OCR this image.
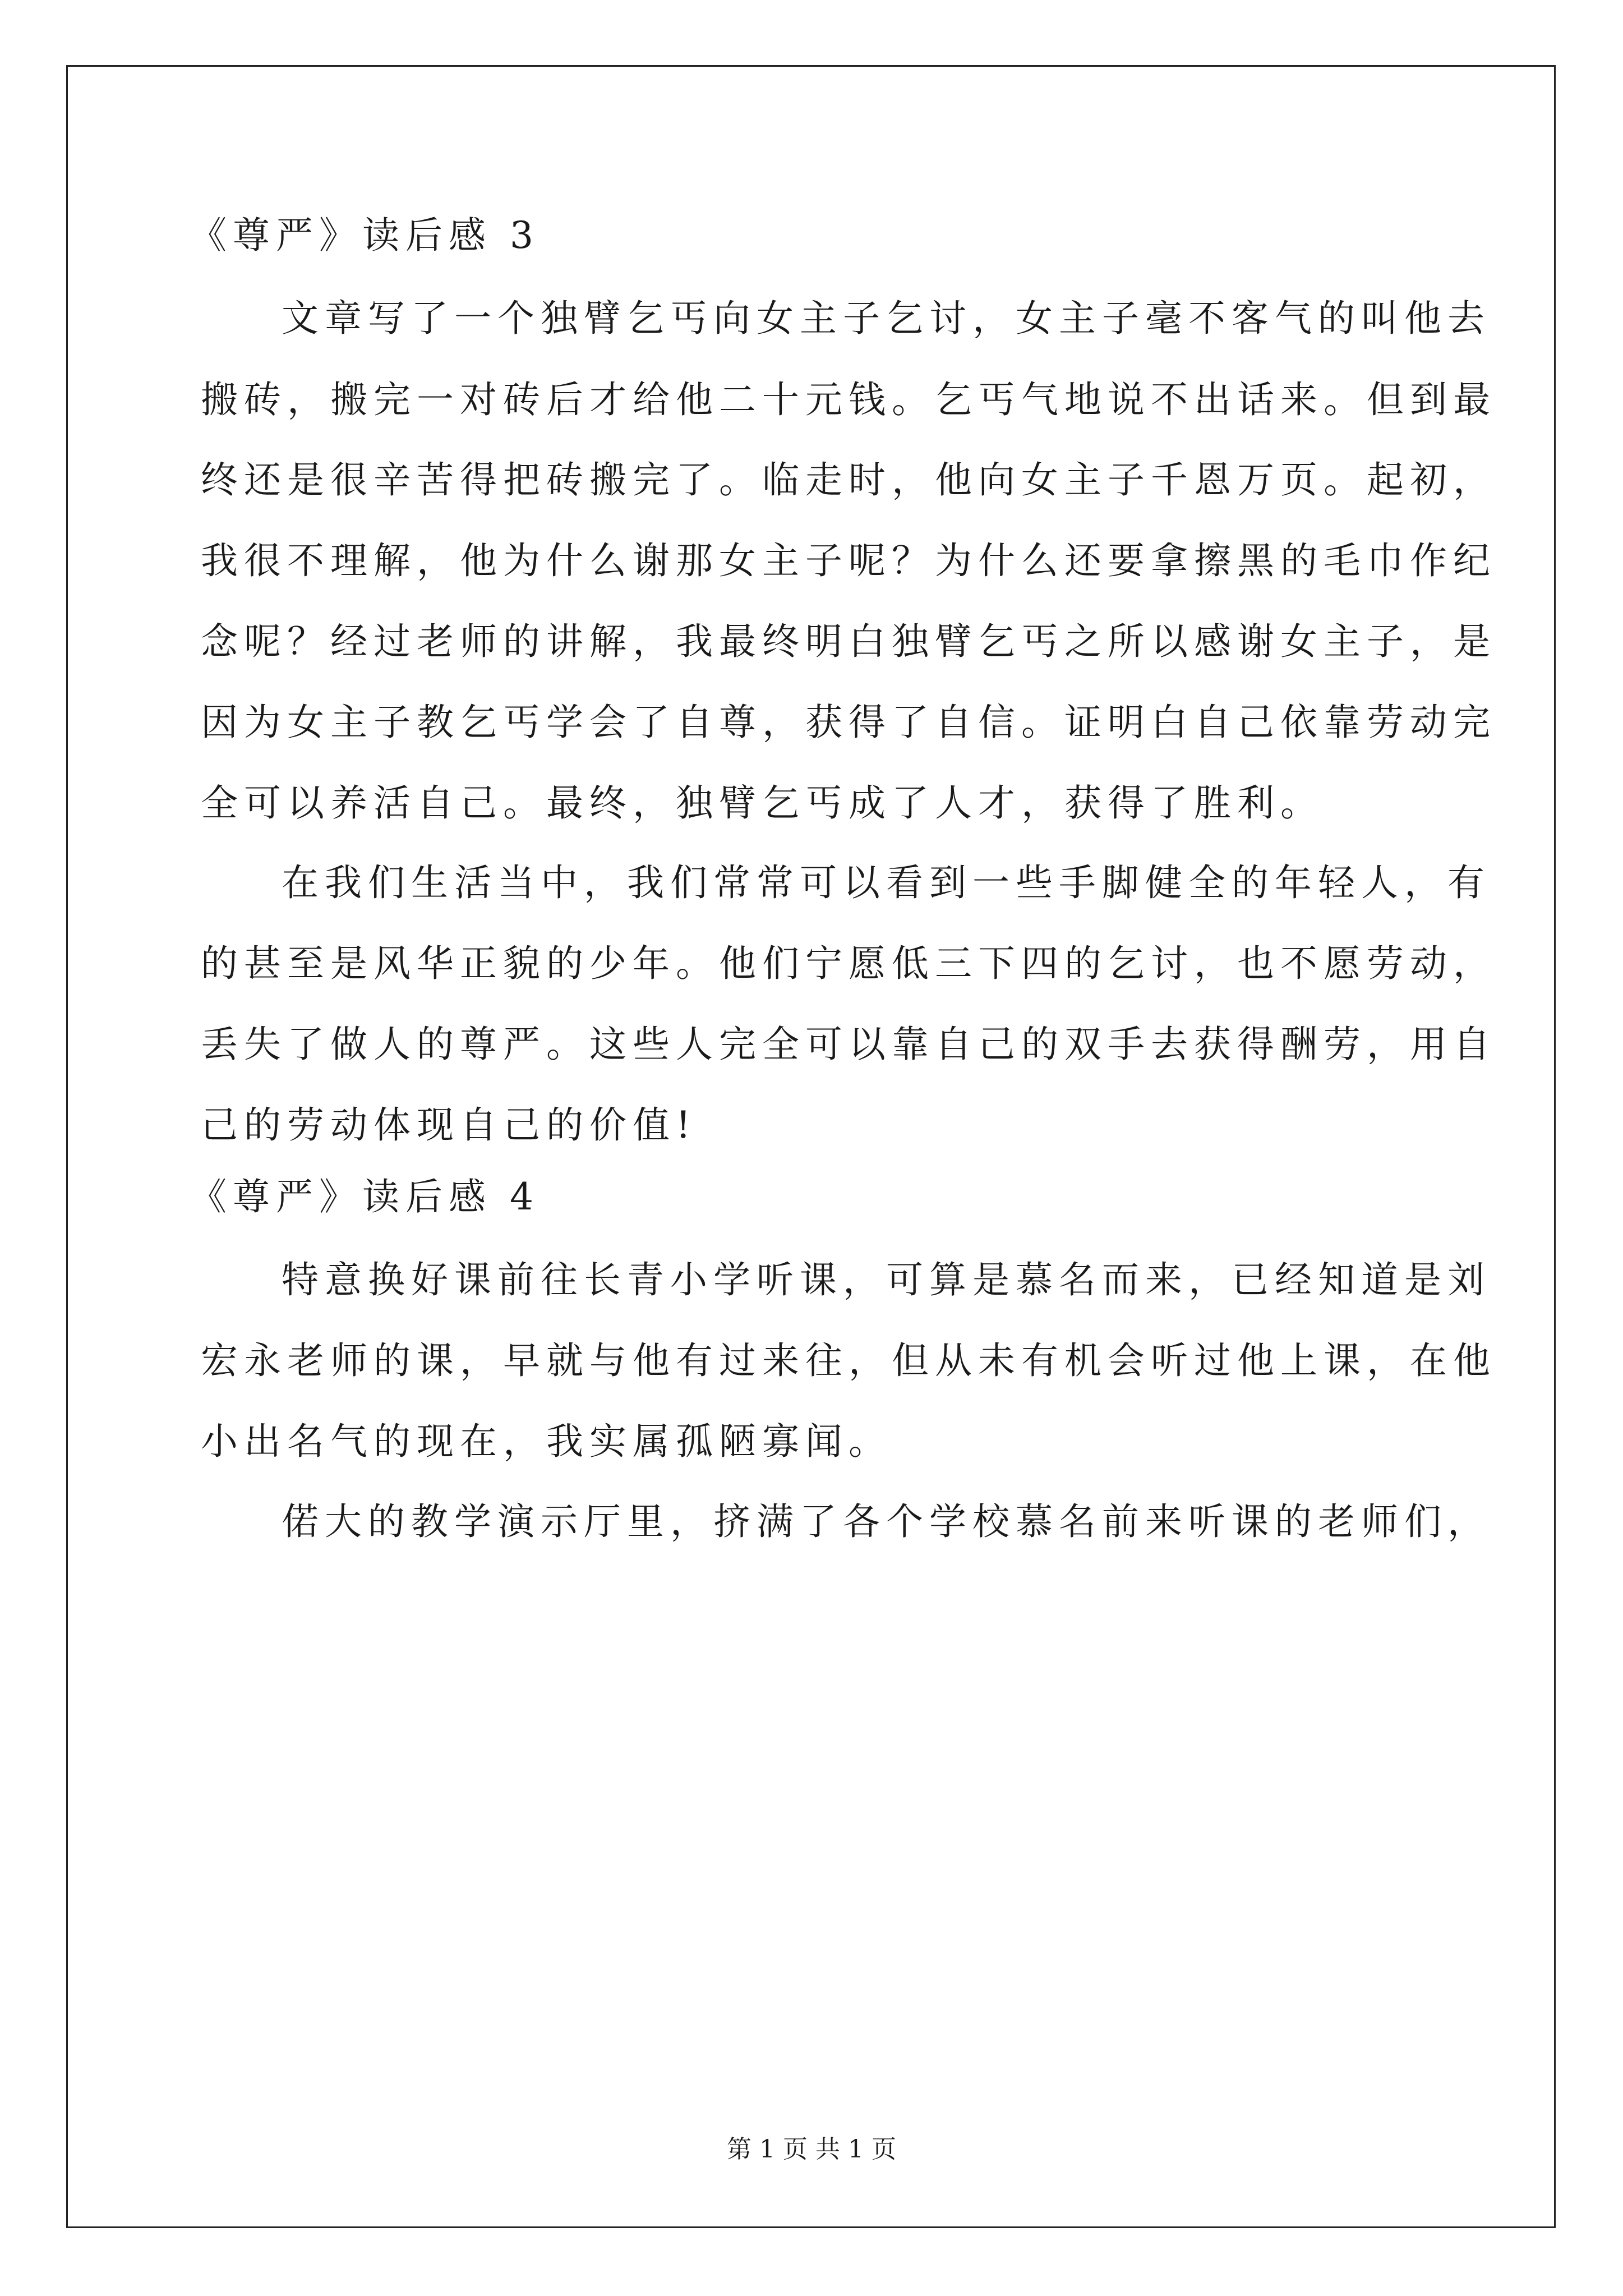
《尊严》读后感 3

文章写了一个独臂乞丐向女主子乞讨，女主子毫不客气的叫他去

搬砖，搬完一对砖后才给他二十元钱。乞丐气地说不出话来。但到最

终还是很辛苦得把砖搬完了。临走时，他向女主子千恩万页。起初，

我很不理解，他为什么谢那女主子呢？为什么还要拿擦黑的毛巾作纪

念呢？经过老师的讲解，我最终明白独臂乞丐之所以感谢女主子，是

因为女主子教乞丐学会了自尊，获得了自信。证明白自己依靠劳动完

全可以养活自己。最终，独臂乞丐成了人才，获得了胜利。

在我们生活当中，我们常常可以看到一些手脚健全的年轻人，有

的甚至是风华正貌的少年。他们宁愿低三下四的乞讨，也不愿劳动，

丢失了做人的尊严。这些人完全可以靠自己的双手去获得酬劳，用自

己的劳动体现自己的价值!

《尊严》读后感 4

特意换好课前往长青小学听课，可算是慕名而来，已经知道是刘

宏永老师的课，早就与他有过来往，但从未有机会听过他上课，在他

小出名气的现在，我实属孤陋寡闻。

偌大的教学演示厅里，挤满了各个学校慕名前来听课的老师们，

第 1 页 共 1 页
